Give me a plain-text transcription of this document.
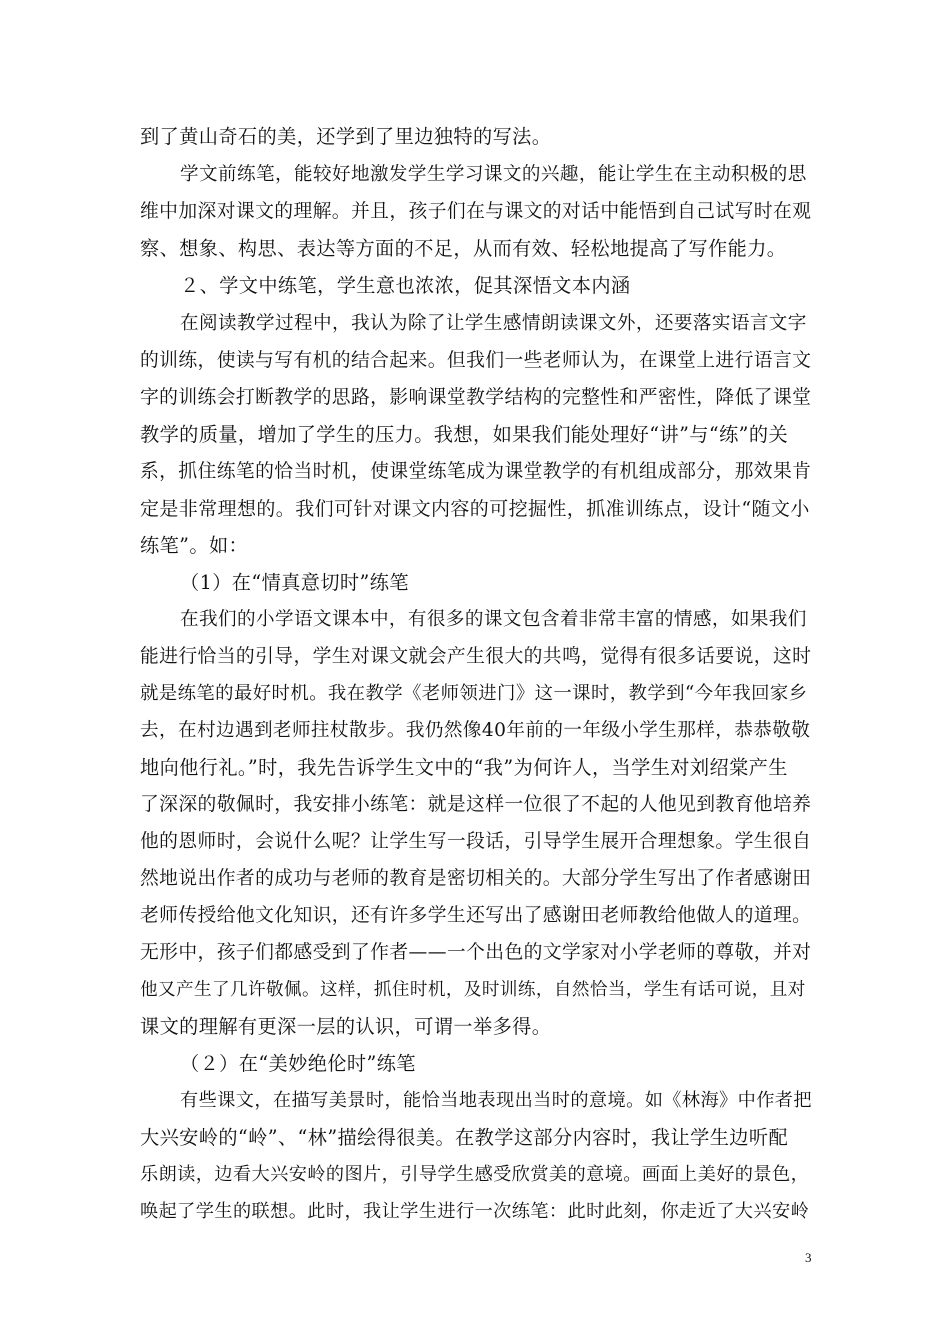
到了黄山奇石的美，还学到了里边独特的写法。
学文前练笔，能较好地激发学生学习课文的兴趣，能让学生在主动积极的思
维中加深对课文的理解。并且，孩子们在与课文的对话中能悟到自己试写时在观
察、想象、构思、表达等方面的不足，从而有效、轻松地提高了写作能力。
２、学文中练笔，学生意也浓浓，促其深悟文本内涵
在阅读教学过程中，我认为除了让学生感情朗读课文外，还要落实语言文字
的训练，使读与写有机的结合起来。但我们一些老师认为，在课堂上进行语言文
字的训练会打断教学的思路，影响课堂教学结构的完整性和严密性，降低了课堂
教学的质量，增加了学生的压力。我想，如果我们能处理好“讲”与“练”的关
系，抓住练笔的恰当时机，使课堂练笔成为课堂教学的有机组成部分，那效果肯
定是非常理想的。我们可针对课文内容的可挖掘性，抓准训练点，设计“随文小
练笔”。如：
（1）在“情真意切时”练笔
在我们的小学语文课本中，有很多的课文包含着非常丰富的情感，如果我们
能进行恰当的引导，学生对课文就会产生很大的共鸣，觉得有很多话要说，这时
就是练笔的最好时机。我在教学《老师领进门》这一课时，教学到“今年我回家乡
去，在村边遇到老师拄杖散步。我仍然像40年前的一年级小学生那样，恭恭敬敬
地向他行礼。”时，我先告诉学生文中的“我”为何许人，当学生对刘绍棠产生
了深深的敬佩时，我安排小练笔：就是这样一位很了不起的人他见到教育他培养
他的恩师时，会说什么呢？让学生写一段话，引导学生展开合理想象。学生很自
然地说出作者的成功与老师的教育是密切相关的。大部分学生写出了作者感谢田
老师传授给他文化知识，还有许多学生还写出了感谢田老师教给他做人的道理。
无形中，孩子们都感受到了作者——一个出色的文学家对小学老师的尊敬，并对
他又产生了几许敬佩。这样，抓住时机，及时训练，自然恰当，学生有话可说，且对
课文的理解有更深一层的认识，可谓一举多得。
（２）在“美妙绝伦时”练笔
有些课文，在描写美景时，能恰当地表现出当时的意境。如《林海》中作者把
大兴安岭的“岭”、“林”描绘得很美。在教学这部分内容时，我让学生边听配
乐朗读，边看大兴安岭的图片，引导学生感受欣赏美的意境。画面上美好的景色，
唤起了学生的联想。此时，我让学生进行一次练笔：此时此刻，你走近了大兴安岭
3
